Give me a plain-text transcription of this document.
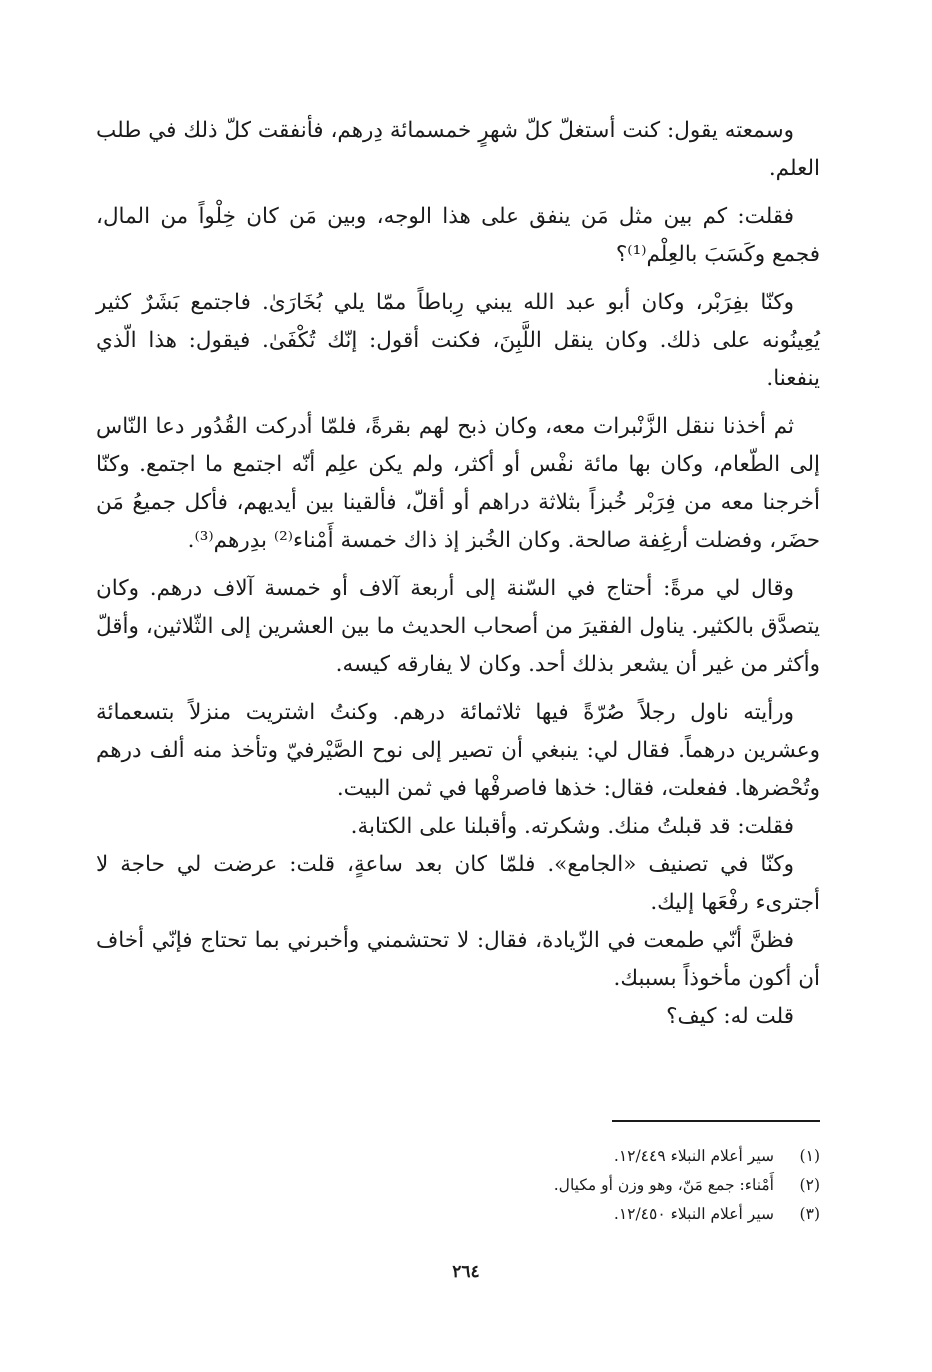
وسمعته يقول: كنت أستغلّ كلّ شهرٍ خمسمائة دِرهم، فأنفقت كلّ ذلك في طلب العلم.

فقلت: كم بين مثل مَن ينفق على هذا الوجه، وبين مَن كان خِلْواً من المال، فجمع وكَسَبَ بالعِلْم⁽¹⁾؟

وكنّا بفِرَبْر، وكان أبو عبد الله يبني رِباطاً ممّا يلي بُخَارَىٰ. فاجتمع بَشَرٌ كثير يُعِينُونه على ذلك. وكان ينقل اللَّبِنَ، فكنت أقول: إنّك تُكْفَىٰ. فيقول: هذا الّذي ينفعنا.

ثم أخذنا ننقل الزَّنْبرات معه، وكان ذبح لهم بقرةً، فلمّا أدركت القُدُور دعا النّاس إلى الطّعام، وكان بها مائة نفْس أو أكثر، ولم يكن علِم أنّه اجتمع ما اجتمع. وكنّا أخرجنا معه من فِرَبْر خُبزاً بثلاثة دراهم أو أقلّ، فألقينا بين أيديهم، فأكل جميعُ مَن حضَر، وفضلت أرغِفة صالحة. وكان الخُبز إذ ذاك خمسة أَمْناء⁽²⁾ بدِرهم⁽³⁾.

وقال لي مرةً: أحتاج في السّنة إلى أربعة آلاف أو خمسة آلاف درهم. وكان يتصدَّق بالكثير. يناول الفقيرَ من أصحاب الحديث ما بين العشرين إلى الثّلاثين، وأقلّ وأكثر من غير أن يشعر بذلك أحد. وكان لا يفارقه كيسه.

ورأيته ناول رجلاً صُرّةً فيها ثلاثمائة درهم. وكنتُ اشتريت منزلاً بتسعمائة وعشرين درهماً. فقال لي: ينبغي أن تصير إلى نوح الصَّيْرفيّ وتأخذ منه ألف درهم وتُحْضرها. ففعلت، فقال: خذها فاصرفْها في ثمن البيت.

فقلت: قد قبلتُ منك. وشكرته. وأقبلنا على الكتابة.

وكنّا في تصنيف «الجامع». فلمّا كان بعد ساعةٍ، قلت: عرضت لي حاجة لا أجترىء رفْعَها إليك.

فظنَّ أنّي طمعت في الزّيادة، فقال: لا تحتشمني وأخبرني بما تحتاج فإنّي أخاف أن أكون مأخوذاً بسببك.

قلت له: كيف؟

(١)
سير أعلام النبلاء ١٢/٤٤٩.
(٢)
أَمْناء: جمع مَنّ، وهو وزن أو مكيال.
(٣)
سير أعلام النبلاء ١٢/٤٥٠.
٢٦٤
